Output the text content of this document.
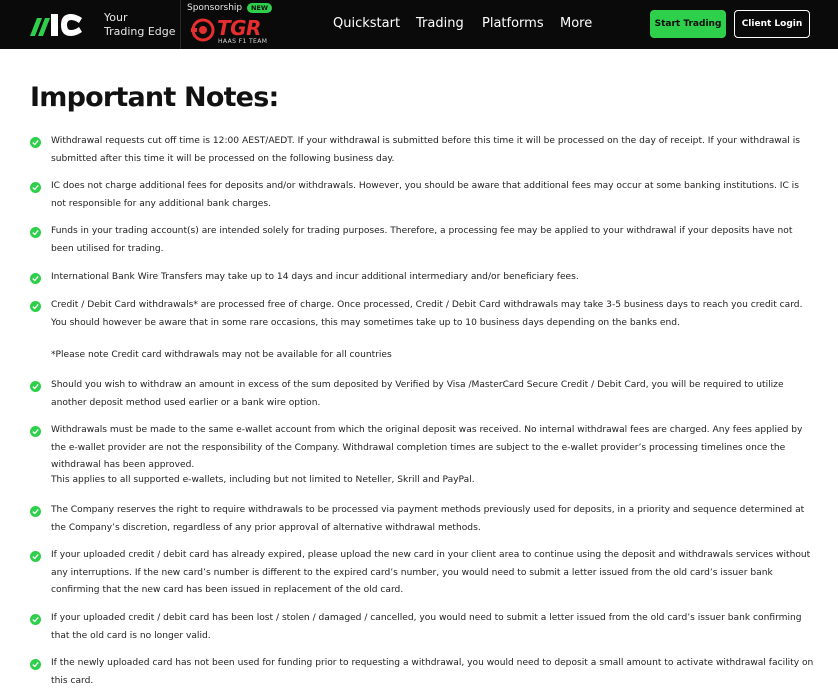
Your
Trading Edge
Sponsorship	NEW
TGR
HAAS F1 TEAM
Quickstart Trading Platforms More	Start Trading	Client Login
Important Notes:

Withdrawal requests cut off time is 12:00 AEST/AEDT. If your withdrawal is submitted before this time it will be processed on the day of receipt. If your withdrawal is submitted after this time it will be processed on the following business day.

IC does not charge additional fees for deposits and/or withdrawals. However, you should be aware that additional fees may occur at some banking institutions. IC is not responsible for any additional bank charges.

Funds in your trading account(s) are intended solely for trading purposes. Therefore, a processing fee may be applied to your withdrawal if your deposits have not been utilised for trading.

International Bank Wire Transfers may take up to 14 days and incur additional intermediary and/or beneficiary fees.

Credit / Debit Card withdrawals* are processed free of charge. Once processed, Credit / Debit Card withdrawals may take 3-5 business days to reach you credit card. You should however be aware that in some rare occasions, this may sometimes take up to 10 business days depending on the banks end.

*Please note Credit card withdrawals may not be available for all countries

Should you wish to withdraw an amount in excess of the sum deposited by Verified by Visa /MasterCard Secure Credit / Debit Card, you will be required to utilize another deposit method used earlier or a bank wire option.

Withdrawals must be made to the same e-wallet account from which the original deposit was received. No internal withdrawal fees are charged. Any fees applied by the e-wallet provider are not the responsibility of the Company. Withdrawal completion times are subject to the e-wallet provider’s processing timelines once the withdrawal has been approved.

This applies to all supported e-wallets, including but not limited to Neteller, Skrill and PayPal.

The Company reserves the right to require withdrawals to be processed via payment methods previously used for deposits, in a priority and sequence determined at the Company’s discretion, regardless of any prior approval of alternative withdrawal methods.

If your uploaded credit / debit card has already expired, please upload the new card in your client area to continue using the deposit and withdrawals services without any interruptions. If the new card’s number is different to the expired card’s number, you would need to submit a letter issued from the old card’s issuer bank confirming that the new card has been issued in replacement of the old card.

If your uploaded credit / debit card has been lost / stolen / damaged / cancelled, you would need to submit a letter issued from the old card’s issuer bank confirming that the old card is no longer valid.

If the newly uploaded card has not been used for funding prior to requesting a withdrawal, you would need to deposit a small amount to activate withdrawal facility on this card.
